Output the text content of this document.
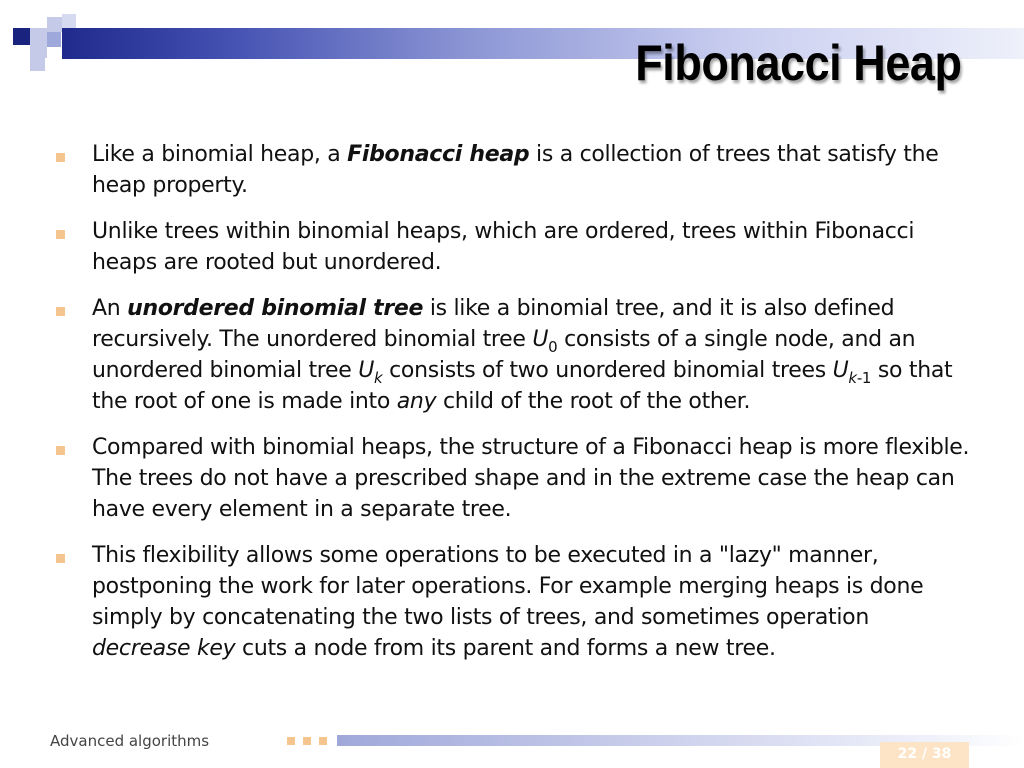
Fibonacci Heap
Like a binomial heap, a Fibonacci heap is a collection of trees that satisfy the heap property.
Unlike trees within binomial heaps, which are ordered, trees within Fibonacci heaps are rooted but unordered.
An unordered binomial tree is like a binomial tree, and it is also defined recursively. The unordered binomial tree $U_0$ consists of a single node, and an unordered binomial tree $U_k$ consists of two unordered binomial trees $U_{k-1}$ so that the root of one is made into any child of the root of the other.
Compared with binomial heaps, the structure of a Fibonacci heap is more flexible. The trees do not have a prescribed shape and in the extreme case the heap can have every element in a separate tree.
This flexibility allows some operations to be executed in a "lazy" manner, postponing the work for later operations. For example merging heaps is done simply by concatenating the two lists of trees, and sometimes operation decrease key cuts a node from its parent and forms a new tree.
Advanced algorithms
22 / 38
